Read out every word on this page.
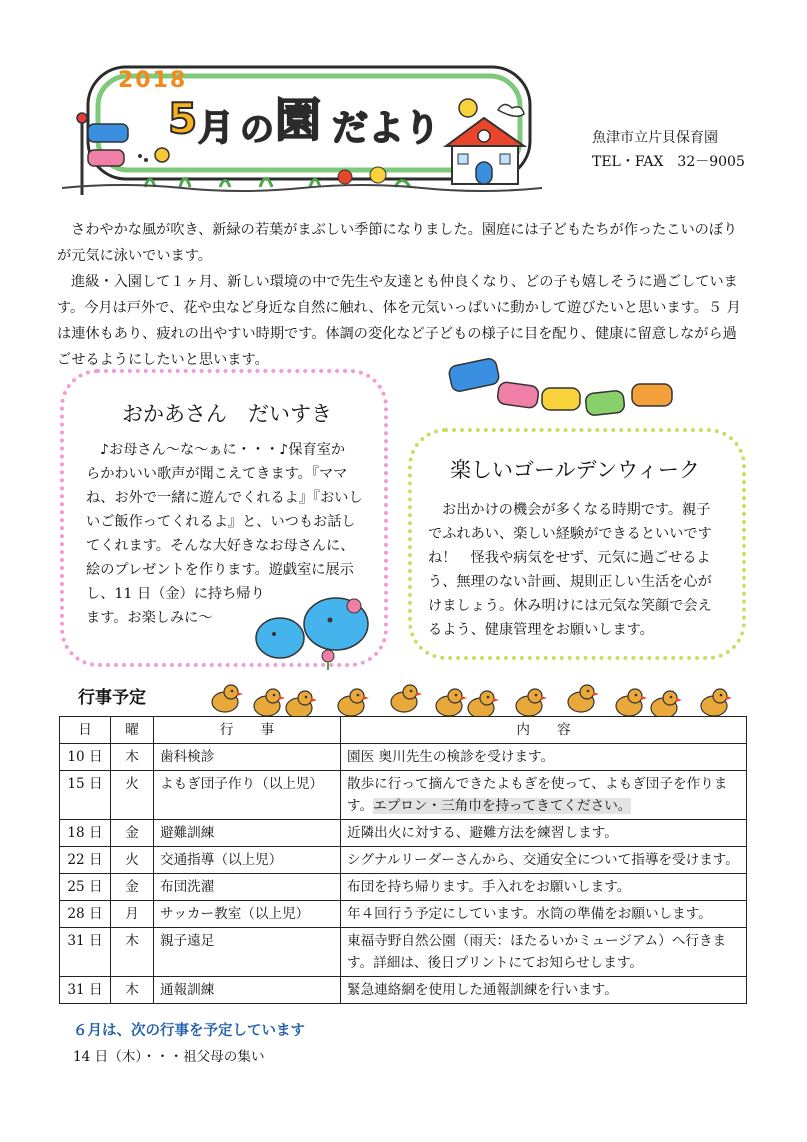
2018
5 月 の 園 だより	魚津市立片貝保育園
TEL・FAX　32－9005

さわやかな風が吹き、新緑の若葉がまぶしい季節になりました。園庭には子どもたちが作ったこいのぼりが元気に泳いでいます。

進級・入園して１ヶ月、新しい環境の中で先生や友達とも仲良くなり、どの子も嬉しそうに過ごしています。今月は戸外で、花や虫など身近な自然に触れ、体を元気いっぱいに動かして遊びたいと思います。５ 月は連休もあり、疲れの出やすい時期です。体調の変化など子どもの様子に目を配り、健康に留意しながら過ごせるようにしたいと思います。

おかあさん　だいすき

♪お母さん～な～ぁに・・・♪保育室か

らかわいい歌声が聞こえてきます。『ママ

ね、お外で一緒に遊んでくれるよ』『おいし

いご飯作ってくれるよ』と、いつもお話し

てくれます。そんな大好きなお母さんに、

絵のプレゼントを作ります。遊戯室に展示

し、11 日（金）に持ち帰り

ます。お楽しみに～

楽しいゴールデンウィーク

お出かけの機会が多くなる時期です。親子

でふれあい、楽しい経験ができるといいです

ね！　怪我や病気をせず、元気に過ごせるよ

う、無理のない計画、規則正しい生活を心が

けましょう。休み明けには元気な笑顔で会え

るよう、健康管理をお願いします。

行事予定
日	曜	行　　事	内　　容
10 日	木	歯科検診	園医 奥川先生の検診を受けます。
15 日	火	よもぎ団子作り（以上児）	散歩に行って摘んできたよもぎを使って、よもぎ団子を作ります。エプロン・三角巾を持ってきてください。
18 日	金	避難訓練	近隣出火に対する、避難方法を練習します。
22 日	火	交通指導（以上児）	シグナルリーダーさんから、交通安全について指導を受けます。
25 日	金	布団洗濯	布団を持ち帰ります。手入れをお願いします。
28 日	月	サッカー教室（以上児）	年４回行う予定にしています。水筒の準備をお願いします。
31 日	木	親子遠足	東福寺野自然公園（雨天：ほたるいかミュージアム）へ行きます。詳細は、後日プリントにてお知らせします。
31 日	木	通報訓練	緊急連絡網を使用した通報訓練を行います。
６月は、次の行事を予定しています
14 日（木）・・・祖父母の集い
